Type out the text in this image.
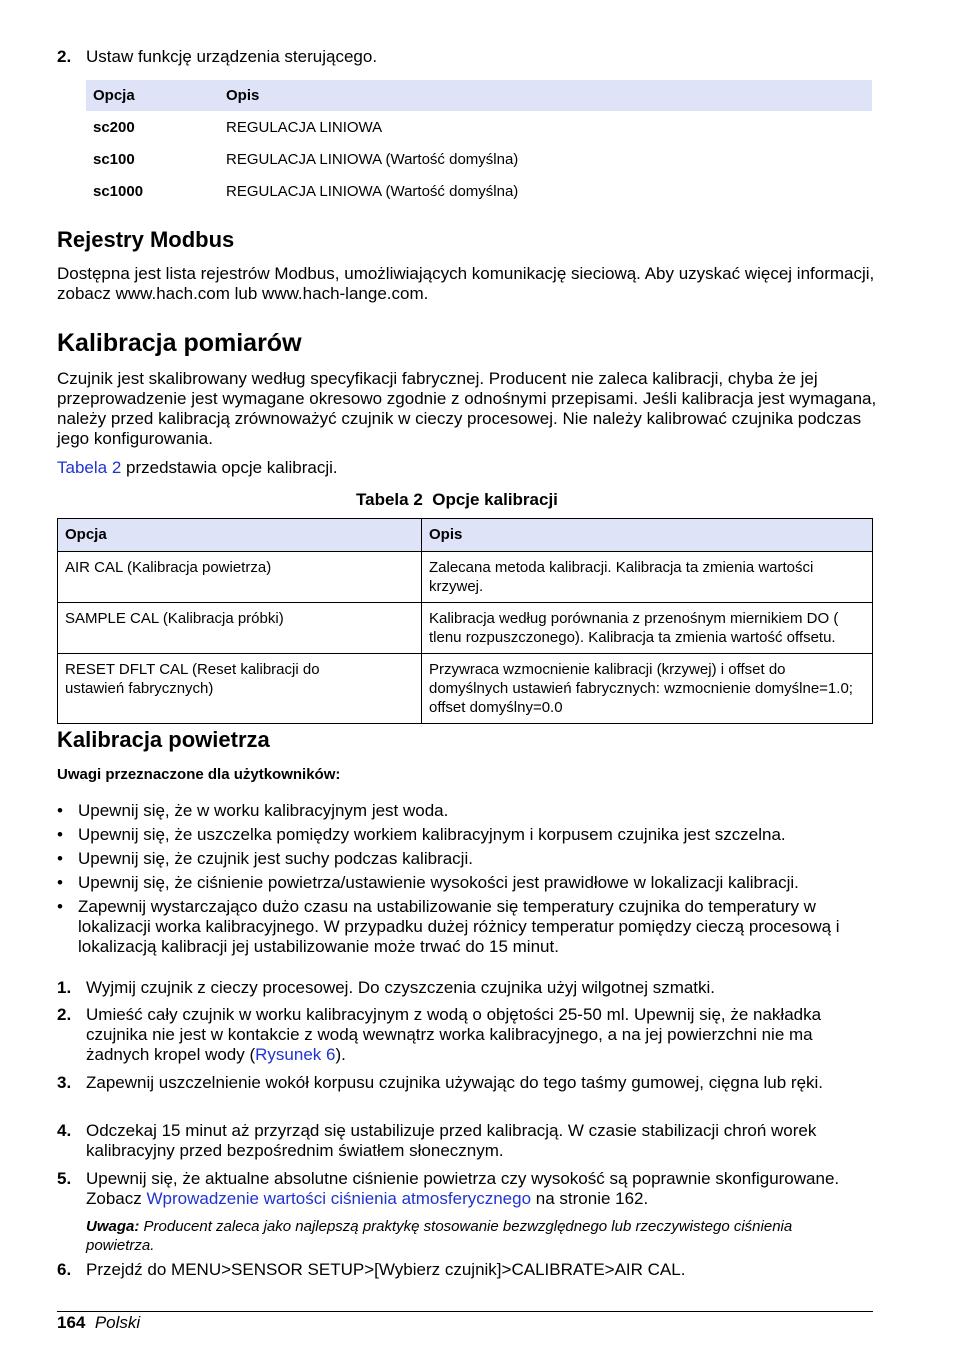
2. Ustaw funkcję urządzenia sterującego.
Opcja	Opis
sc200	REGULACJA LINIOWA
sc100	REGULACJA LINIOWA (Wartość domyślna)
sc1000	REGULACJA LINIOWA (Wartość domyślna)
Rejestry Modbus
Dostępna jest lista rejestrów Modbus, umożliwiających komunikację sieciową. Aby uzyskać więcej informacji, zobacz www.hach.com lub www.hach-lange.com.
Kalibracja pomiarów
Czujnik jest skalibrowany według specyfikacji fabrycznej. Producent nie zaleca kalibracji, chyba że jej przeprowadzenie jest wymagane okresowo zgodnie z odnośnymi przepisami. Jeśli kalibracja jest wymagana, należy przed kalibracją zrównoważyć czujnik w cieczy procesowej. Nie należy kalibrować czujnika podczas jego konfigurowania.
Tabela 2 przedstawia opcje kalibracji.
Tabela 2  Opcje kalibracji
Opcja	Opis
AIR CAL (Kalibracja powietrza)	Zalecana metoda kalibracji. Kalibracja ta zmienia wartości krzywej.
SAMPLE CAL (Kalibracja próbki)	Kalibracja według porównania z przenośnym miernikiem DO ( tlenu rozpuszczonego). Kalibracja ta zmienia wartość offsetu.
RESET DFLT CAL (Reset kalibracji do ustawień fabrycznych)	Przywraca wzmocnienie kalibracji (krzywej) i offset do domyślnych ustawień fabrycznych: wzmocnienie domyślne=1.0; offset domyślny=0.0
Kalibracja powietrza
Uwagi przeznaczone dla użytkowników:
• Upewnij się, że w worku kalibracyjnym jest woda.
• Upewnij się, że uszczelka pomiędzy workiem kalibracyjnym i korpusem czujnika jest szczelna.
• Upewnij się, że czujnik jest suchy podczas kalibracji.
• Upewnij się, że ciśnienie powietrza/ustawienie wysokości jest prawidłowe w lokalizacji kalibracji.
• Zapewnij wystarczająco dużo czasu na ustabilizowanie się temperatury czujnika do temperatury w lokalizacji worka kalibracyjnego. W przypadku dużej różnicy temperatur pomiędzy cieczą procesową i lokalizacją kalibracji jej ustabilizowanie może trwać do 15 minut.
1. Wyjmij czujnik z cieczy procesowej. Do czyszczenia czujnika użyj wilgotnej szmatki.
2. Umieść cały czujnik w worku kalibracyjnym z wodą o objętości 25-50 ml. Upewnij się, że nakładka czujnika nie jest w kontakcie z wodą wewnątrz worka kalibracyjnego, a na jej powierzchni nie ma żadnych kropel wody (Rysunek 6).
3. Zapewnij uszczelnienie wokół korpusu czujnika używając do tego taśmy gumowej, cięgna lub ręki.
4. Odczekaj 15 minut aż przyrząd się ustabilizuje przed kalibracją. W czasie stabilizacji chroń worek kalibracyjny przed bezpośrednim światłem słonecznym.
5. Upewnij się, że aktualne absolutne ciśnienie powietrza czy wysokość są poprawnie skonfigurowane. Zobacz Wprowadzenie wartości ciśnienia atmosferycznego na stronie 162.
Uwaga: Producent zaleca jako najlepszą praktykę stosowanie bezwzględnego lub rzeczywistego ciśnienia powietrza.
6. Przejdź do MENU>SENSOR SETUP>[Wybierz czujnik]>CALIBRATE>AIR CAL.
164 Polski
